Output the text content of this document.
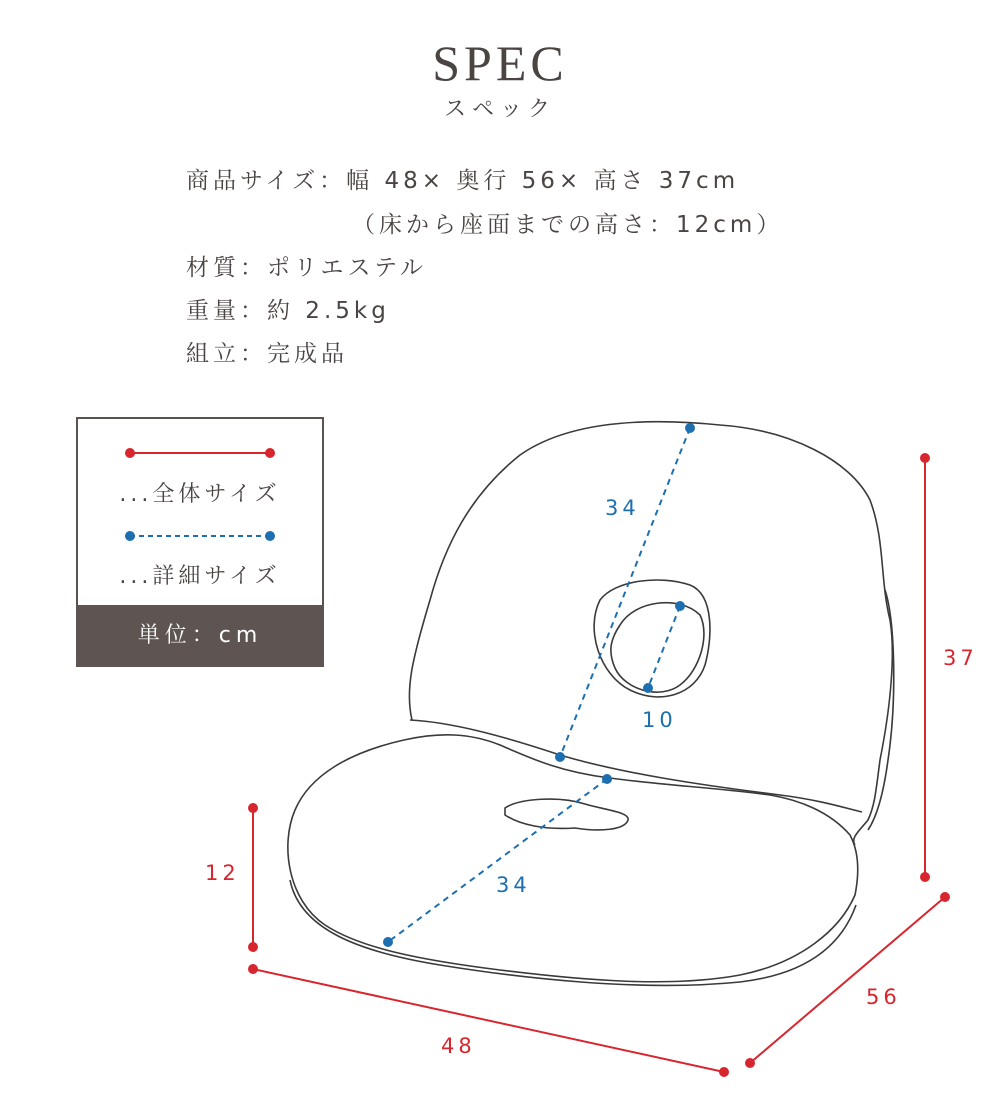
SPEC
スペック
商品サイズ：幅 48× 奥行 56× 高さ 37cm
（床から座面までの高さ：12cm）
材質：ポリエステル
重量：約 2.5kg
組立：完成品
...全体サイズ
...詳細サイズ
単位：cm
34
10
34
37
12
48
56
